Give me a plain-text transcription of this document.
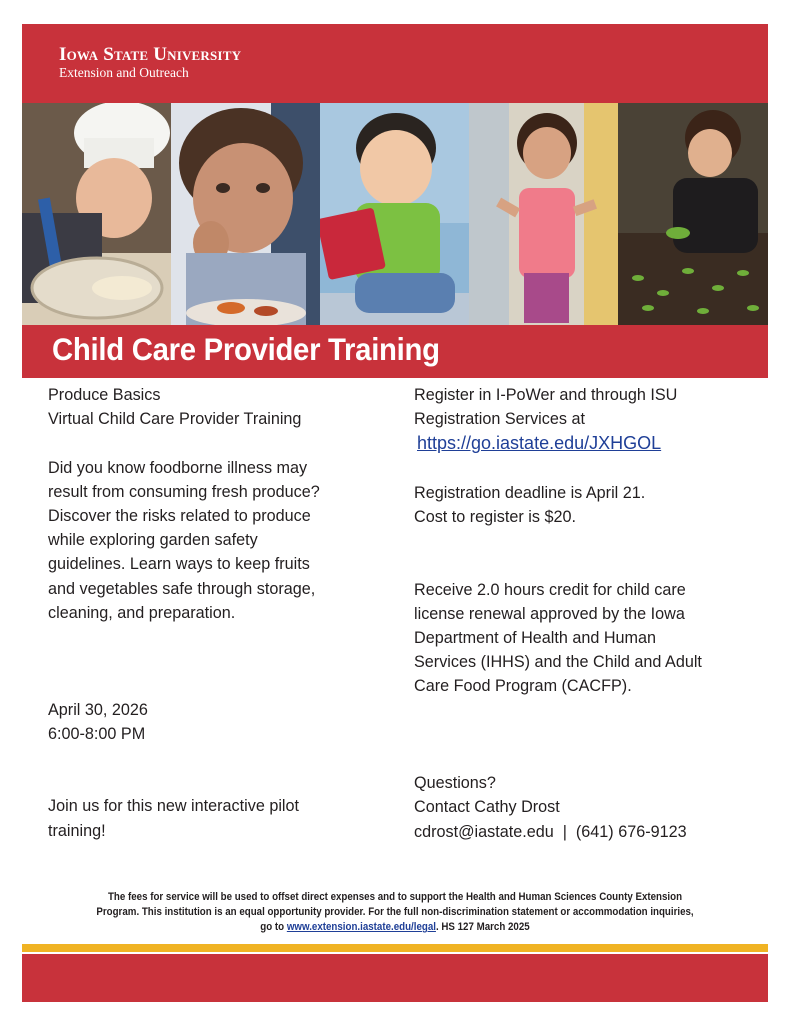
Iowa State University
Extension and Outreach
Child Care Provider Training
Produce Basics
Virtual Child Care Provider Training
Did you know foodborne illness may
result from consuming fresh produce?
Discover the risks related to produce
while exploring garden safety
guidelines. Learn ways to keep fruits
and vegetables safe through storage,
cleaning, and preparation.
April 30, 2026
6:00-8:00 PM
Join us for this new interactive pilot
training!
Register in I-PoWer and through ISU
Registration Services at
https://go.iastate.edu/JXHGOL
Registration deadline is April 21.
Cost to register is $20.
Receive 2.0 hours credit for child care
license renewal approved by the Iowa
Department of Health and Human
Services (IHHS) and the Child and Adult
Care Food Program (CACFP).
Questions?
Contact Cathy Drost
cdrost@iastate.edu  |  (641) 676-9123
The fees for service will be used to offset direct expenses and to support the Health and Human Sciences County Extension
Program. This institution is an equal opportunity provider. For the full non-discrimination statement or accommodation inquiries,
go to www.extension.iastate.edu/legal. HS 127 March 2025
